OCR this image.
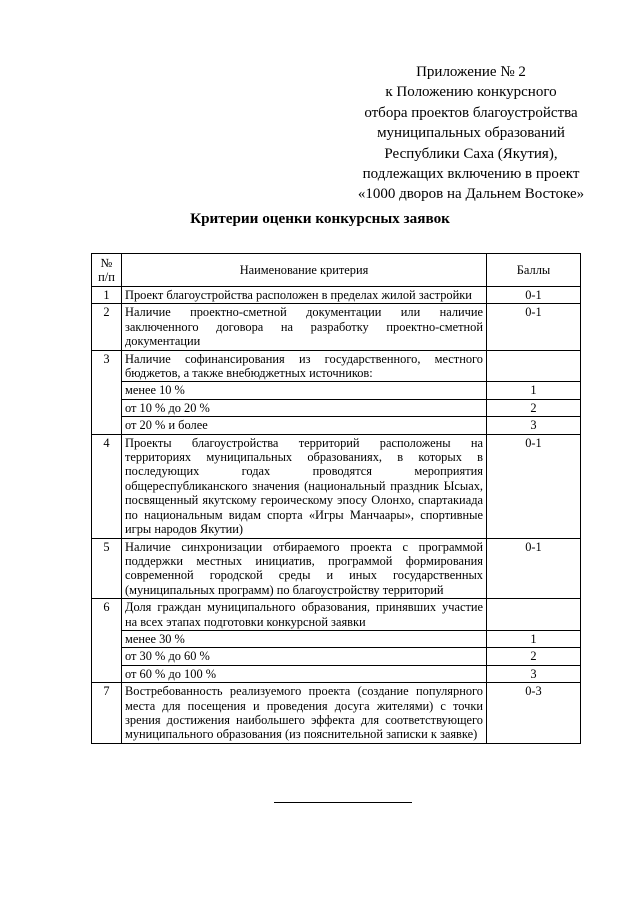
Приложение № 2
к Положению конкурсного
отбора проектов благоустройства
муниципальных образований
Республики Саха (Якутия),
подлежащих включению в проект
«1000 дворов на Дальнем Востоке»
Критерии оценки конкурсных заявок
№
п/п	Наименование критерия	Баллы
1	Проект благоустройства расположен в пределах жилой застройки	0-1
2	Наличие проектно-сметной документации или наличие заключенного договора на разработку проектно-сметной документации	0-1
3	Наличие софинансирования из государственного, местного бюджетов, а также внебюджетных источников:	
	менее 10 %	1
	от 10 % до 20 %	2
	от 20 % и более	3
4	Проекты благоустройства территорий расположены на территориях муниципальных образованиях, в которых в последующих годах проводятся мероприятия общереспубликанского значения (национальный праздник Ысыах, посвященный якутскому героическому эпосу Олонхо, спартакиада по национальным видам спорта «Игры Манчаары», спортивные игры народов Якутии)	0-1
5	Наличие синхронизации отбираемого проекта с программой поддержки местных инициатив, программой формирования современной городской среды и иных государственных (муниципальных программ) по благоустройству территорий	0-1
6	Доля граждан муниципального образования, принявших участие на всех этапах подготовки конкурсной заявки	
	менее 30 %	1
	от 30 % до 60 %	2
	от 60 % до 100 %	3
7	Востребованность реализуемого проекта (создание популярного места для посещения и проведения досуга жителями) с точки зрения достижения наибольшего эффекта для соответствующего муниципального образования (из пояснительной записки к заявке)	0-3
